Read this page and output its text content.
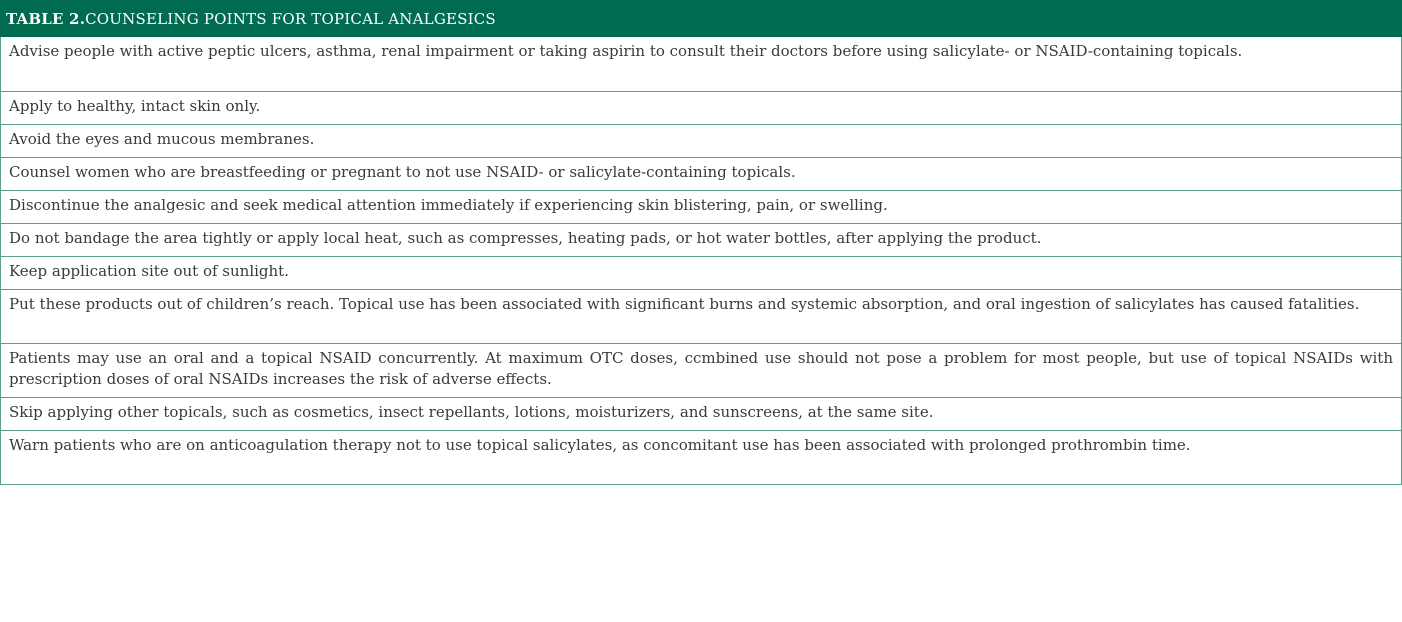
TABLE 2. COUNSELING POINTS FOR TOPICAL ANALGESICS
Advise people with active peptic ulcers, asthma, renal impairment or taking aspirin to consult their doctors before using salicylate- or NSAID-containing topicals.
Apply to healthy, intact skin only.
Avoid the eyes and mucous membranes.
Counsel women who are breastfeeding or pregnant to not use NSAID- or salicylate-containing topicals.
Discontinue the analgesic and seek medical attention immediately if experiencing skin blistering, pain, or swelling.
Do not bandage the area tightly or apply local heat, such as compresses, heating pads, or hot water bottles, after applying the product.
Keep application site out of sunlight.
Put these products out of children’s reach. Topical use has been associated with significant burns and systemic absorption, and oral ingestion of salicylates has caused fatalities.
Patients may use an oral and a topical NSAID concurrently. At maximum OTC doses, ccmbined use should not pose a problem for most people, but use of topical NSAIDs with prescription doses of oral NSAIDs increases the risk of adverse effects.
Skip applying other topicals, such as cosmetics, insect repellants, lotions, moisturizers, and sunscreens, at the same site.
Warn patients who are on anticoagulation therapy not to use topical salicylates, as concomitant use has been associated with prolonged prothrombin time.
